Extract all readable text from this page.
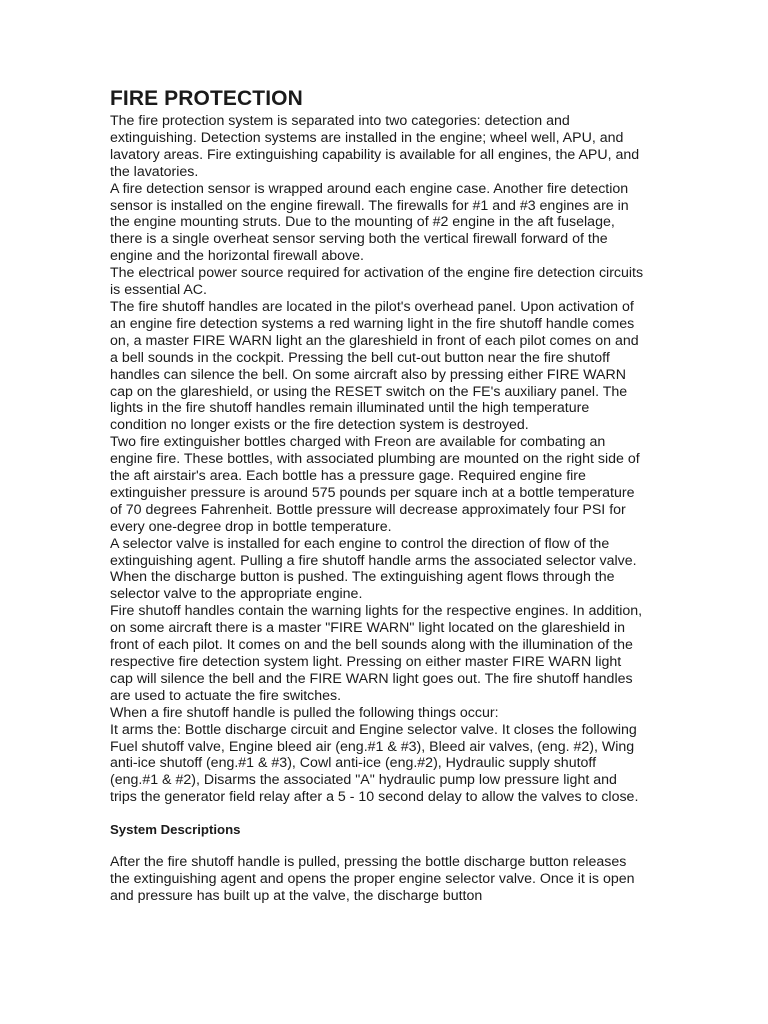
FIRE PROTECTION

The fire protection system is separated into two categories: detection and extinguishing. Detection systems are installed in the engine; wheel well, APU, and lavatory areas. Fire extinguishing capability is available for all engines, the APU, and the lavatories.

A fire detection sensor is wrapped around each engine case. Another fire detection sensor is installed on the engine firewall. The firewalls for #1 and #3 engines are in the engine mounting struts. Due to the mounting of #2 engine in the aft fuselage, there is a single overheat sensor serving both the vertical firewall forward of the engine and the horizontal firewall above.

The electrical power source required for activation of the engine fire detection circuits is essential AC.

The fire shutoff handles are located in the pilot's overhead panel. Upon activation of an engine fire detection systems a red warning light in the fire shutoff handle comes on, a master FIRE WARN light an the glareshield in front of each pilot comes on and a bell sounds in the cockpit. Pressing the bell cut-out button near the fire shutoff handles can silence the bell. On some aircraft also by pressing either FIRE WARN cap on the glareshield, or using the RESET switch on the FE's auxiliary panel. The lights in the fire shutoff handles remain illuminated until the high temperature condition no longer exists or the fire detection system is destroyed.

Two fire extinguisher bottles charged with Freon are available for combating an engine fire. These bottles, with associated plumbing are mounted on the right side of the aft airstair's area. Each bottle has a pressure gage. Required engine fire extinguisher pressure is around 575 pounds per square inch at a bottle temperature of 70 degrees Fahrenheit. Bottle pressure will decrease approximately four PSI for every one-degree drop in bottle temperature.

A selector valve is installed for each engine to control the direction of flow of the extinguishing agent. Pulling a fire shutoff handle arms the associated selector valve. When the discharge button is pushed. The extinguishing agent flows through the selector valve to the appropriate engine.

Fire shutoff handles contain the warning lights for the respective engines. In addition, on some aircraft there is a master "FIRE WARN" light located on the glareshield in front of each pilot. It comes on and the bell sounds along with the illumination of the respective fire detection system light. Pressing on either master FIRE WARN light cap will silence the bell and the FIRE WARN light goes out. The fire shutoff handles are used to actuate the fire switches.

When a fire shutoff handle is pulled the following things occur:

It arms the: Bottle discharge circuit and Engine selector valve. It closes the following Fuel shutoff valve, Engine bleed air (eng.#1 & #3), Bleed air valves, (eng. #2), Wing anti-ice shutoff (eng.#1 & #3), Cowl anti-ice (eng.#2), Hydraulic supply shutoff (eng.#1 & #2), Disarms the associated "A" hydraulic pump low pressure light and trips the generator field relay after a 5 - 10 second delay to allow the valves to close.

System Descriptions

After the fire shutoff handle is pulled, pressing the bottle discharge button releases the extinguishing agent and opens the proper engine selector valve. Once it is open and pressure has built up at the valve, the discharge button
